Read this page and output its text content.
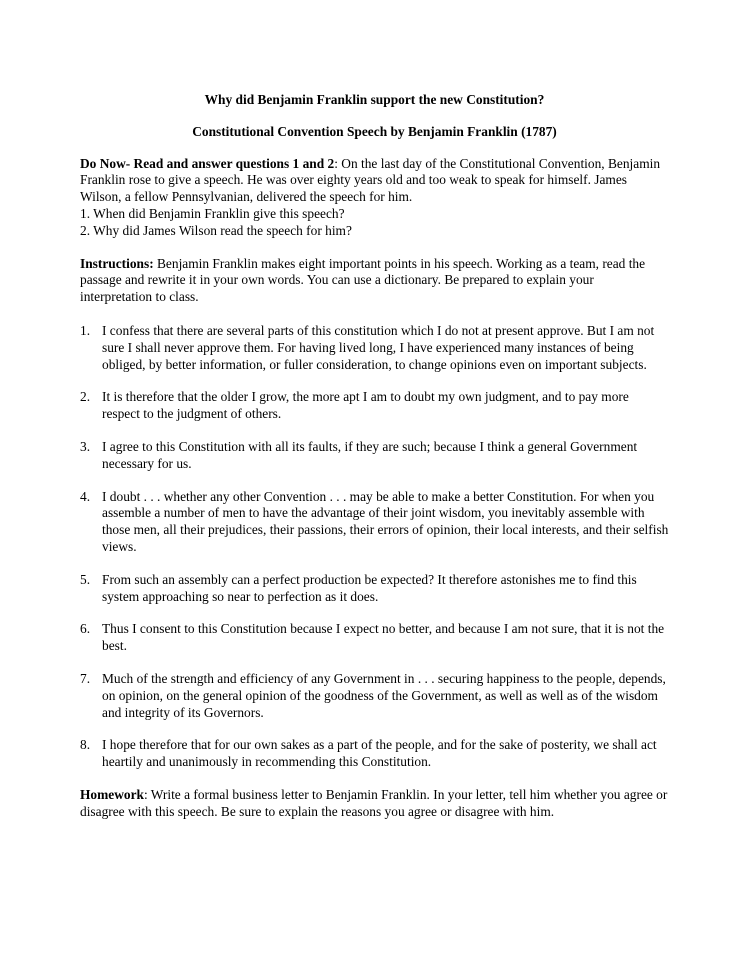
Why did Benjamin Franklin support the new Constitution?

Constitutional Convention Speech by Benjamin Franklin (1787)

Do Now- Read and answer questions 1 and 2: On the last day of the Constitutional Convention, Benjamin Franklin rose to give a speech. He was over eighty years old and too weak to speak for himself. James Wilson, a fellow Pennsylvanian, delivered the speech for him.
1. When did Benjamin Franklin give this speech?
2. Why did James Wilson read the speech for him?

Instructions: Benjamin Franklin makes eight important points in his speech. Working as a team, read the passage and rewrite it in your own words. You can use a dictionary. Be prepared to explain your interpretation to class.

1. I confess that there are several parts of this constitution which I do not at present approve. But I am not sure I shall never approve them. For having lived long, I have experienced many instances of being obliged, by better information, or fuller consideration, to change opinions even on important subjects.
2. It is therefore that the older I grow, the more apt I am to doubt my own judgment, and to pay more respect to the judgment of others.
3. I agree to this Constitution with all its faults, if they are such; because I think a general Government necessary for us.
4. I doubt . . . whether any other Convention . . . may be able to make a better Constitution. For when you assemble a number of men to have the advantage of their joint wisdom, you inevitably assemble with those men, all their prejudices, their passions, their errors of opinion, their local interests, and their selfish views.
5. From such an assembly can a perfect production be expected? It therefore astonishes me to find this system approaching so near to perfection as it does.
6. Thus I consent to this Constitution because I expect no better, and because I am not sure, that it is not the best.
7. Much of the strength and efficiency of any Government in . . . securing happiness to the people, depends, on opinion, on the general opinion of the goodness of the Government, as well as well as of the wisdom and integrity of its Governors.
8. I hope therefore that for our own sakes as a part of the people, and for the sake of posterity, we shall act heartily and unanimously in recommending this Constitution.

Homework: Write a formal business letter to Benjamin Franklin. In your letter, tell him whether you agree or disagree with this speech. Be sure to explain the reasons you agree or disagree with him.
